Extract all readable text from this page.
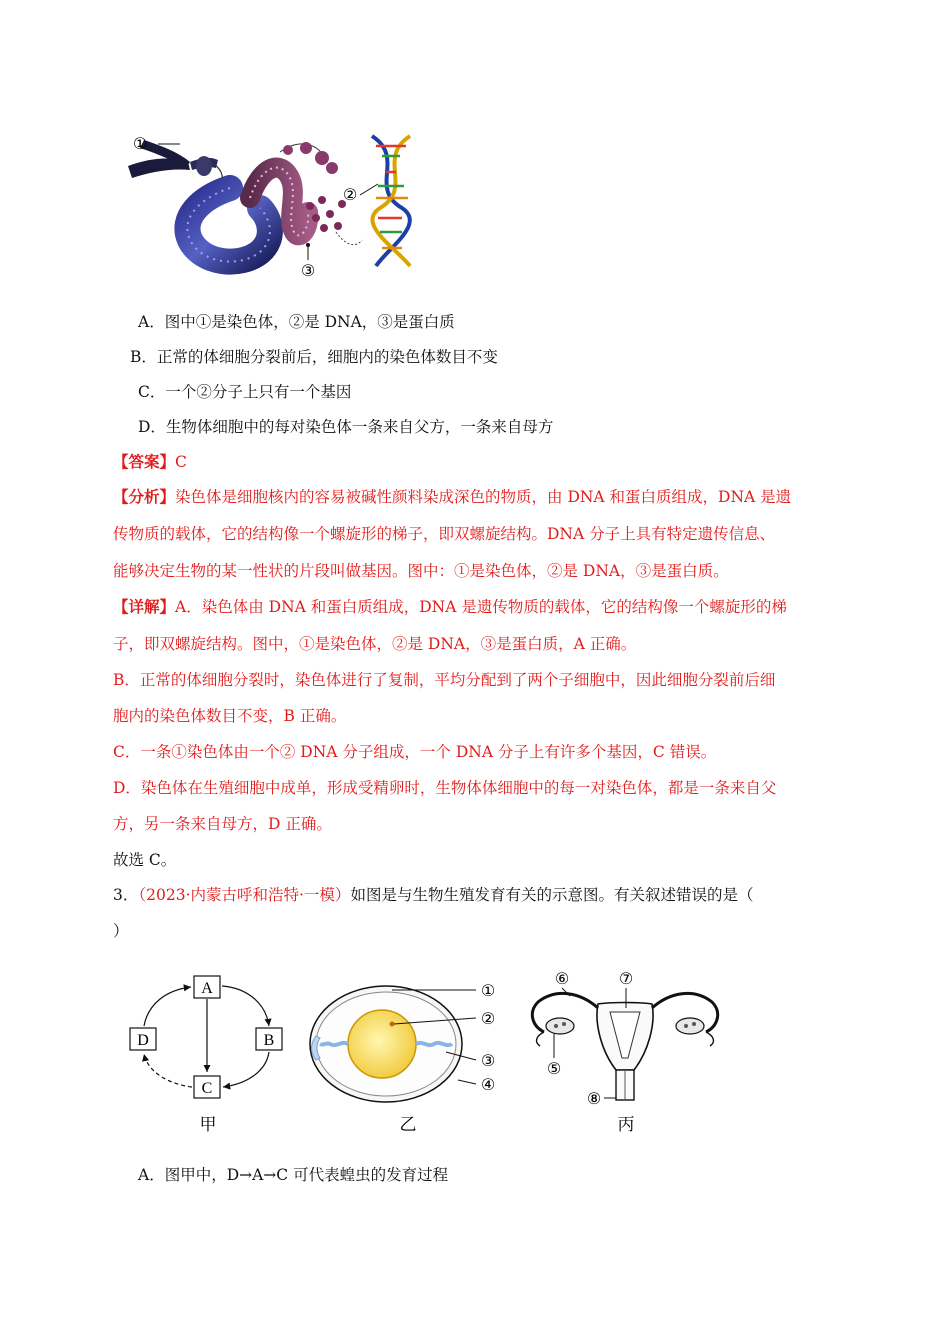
①
②
③
A．图中①是染色体，②是 DNA，③是蛋白质
B．正常的体细胞分裂前后，细胞内的染色体数目不变
C．一个②分子上只有一个基因
D．生物体细胞中的每对染色体一条来自父方，一条来自母方
【答案】C
【分析】染色体是细胞核内的容易被碱性颜料染成深色的物质，由 DNA 和蛋白质组成，DNA 是遗
传物质的载体，它的结构像一个螺旋形的梯子，即双螺旋结构。DNA 分子上具有特定遗传信息、
能够决定生物的某一性状的片段叫做基因。图中：①是染色体，②是 DNA，③是蛋白质。
【详解】A．染色体由 DNA 和蛋白质组成，DNA 是遗传物质的载体，它的结构像一个螺旋形的梯
子，即双螺旋结构。图中，①是染色体，②是 DNA，③是蛋白质，A 正确。
B．正常的体细胞分裂时，染色体进行了复制，平均分配到了两个子细胞中，因此细胞分裂前后细
胞内的染色体数目不变，B 正确。
C．一条①染色体由一个② DNA 分子组成，一个 DNA 分子上有许多个基因，C 错误。
D．染色体在生殖细胞中成单，形成受精卵时，生物体体细胞中的每一对染色体，都是一条来自父
方，另一条来自母方，D 正确。
故选 C。
3．（2023·内蒙古呼和浩特·一模）如图是与生物生殖发育有关的示意图。有关叙述错误的是（
）
A
B
C
D
甲
①
②
③
④
乙
⑥	⑦
⑤
⑧
丙
A．图甲中，D→A→C 可代表蝗虫的发育过程
